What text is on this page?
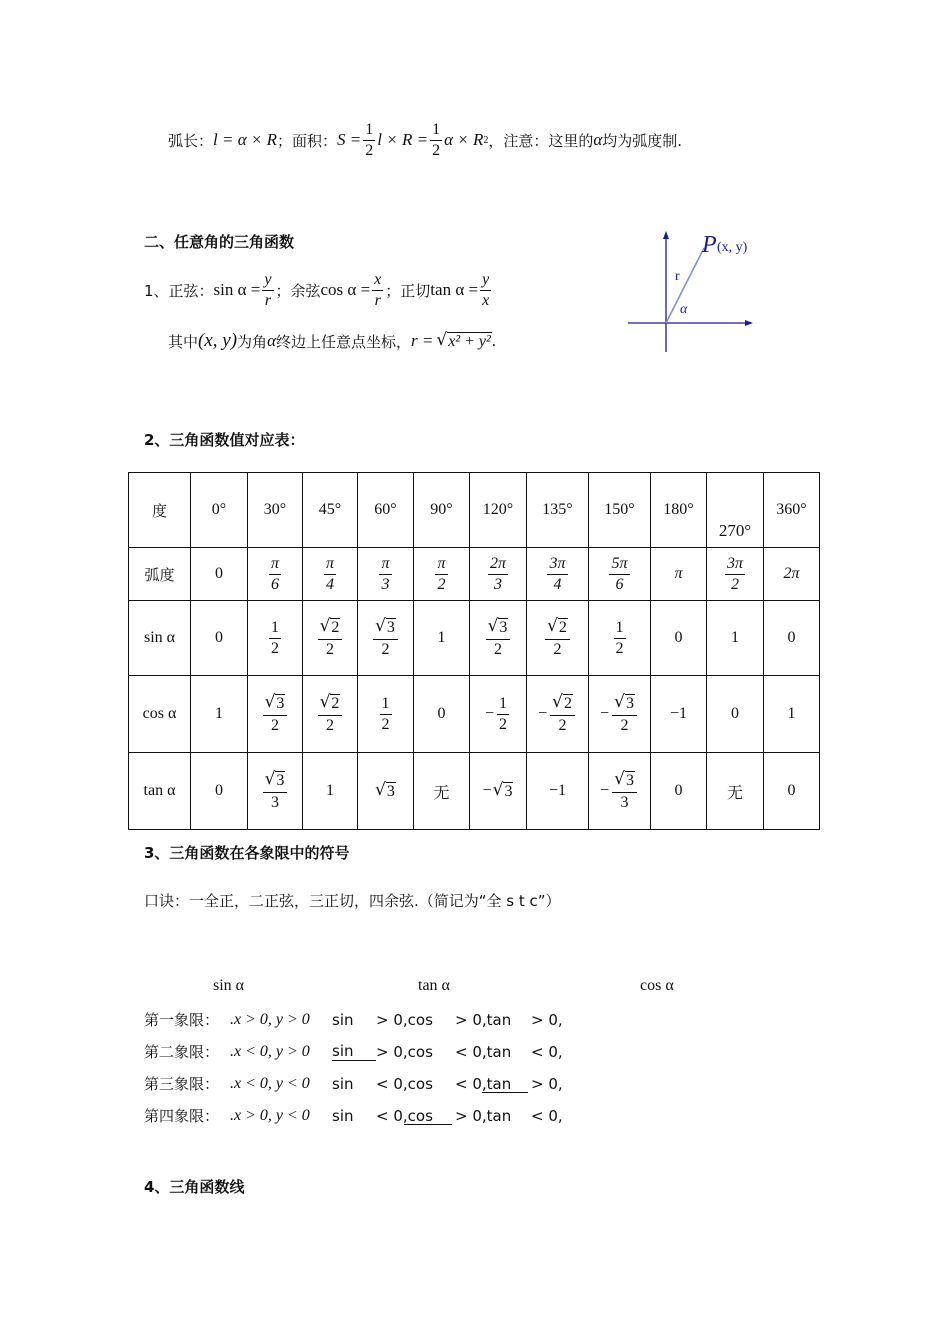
弧长： l = α × R ；面积： $S = \frac{1}{2}$ $l \times R = \frac{1}{2}$ α × R 2 ，注意：这里的 α 均为弧度制.
二、任意角的三角函数
1、正弦： $\sin \alpha = \frac{y}{r}$ ；余弦 $\cos \alpha = \frac{x}{r}$ ；正切 $\tan \alpha = \frac{y}{x}$
其中 (x, y) 为角 α 终边上任意点坐标， r = √ x² + y² .
P (x, y)
r
α
2、三角函数值对应表：
度	0°	30°	45°	60°	90°	120°	135°	150°	180°	270°	360°

弧度	0	$\frac{\pi}{6}$	$\frac{\pi}{4}$	$\frac{\pi}{3}$	$\frac{\pi}{2}$	$\frac{2\pi}{3}$	$\frac{3\pi}{4}$	$\frac{5\pi}{6}$	π	$\frac{3\pi}{2}$	2π

sin α	0	$\frac{1}{2}$	$\frac{√ 2}{2}$	$\frac{√ 3}{2}$	1	$\frac{√ 3}{2}$	$\frac{√ 2}{2}$	$\frac{1}{2}$	0	1	0

cos α	1	$\frac{√ 3}{2}$	$\frac{√ 2}{2}$	$\frac{1}{2}$	0	− $\frac{1}{2}$	− $\frac{√ 2}{2}$	− $\frac{√ 3}{2}$	−1	0	1

tan α	0	$\frac{√ 3}{3}$	1	√ 3	无	− √ 3	−1	− $\frac{√ 3}{3}$	0	无	0
3、三角函数在各象限中的符号
口诀：一全正，二正弦，三正切，四余弦.（简记为“全 s t c”）
sin α	tan α	cos α
第一象限： .x > 0, y > 0	sin	> 0,cos	> 0,tan	> 0,
第二象限： .x < 0, y > 0	sin	> 0,cos	< 0,tan	< 0,
第三象限： .x < 0, y < 0	sin	< 0,cos	< 0,tan	> 0,
第四象限： .x > 0, y < 0	sin	< 0,cos	> 0,tan	< 0,
4、三角函数线
